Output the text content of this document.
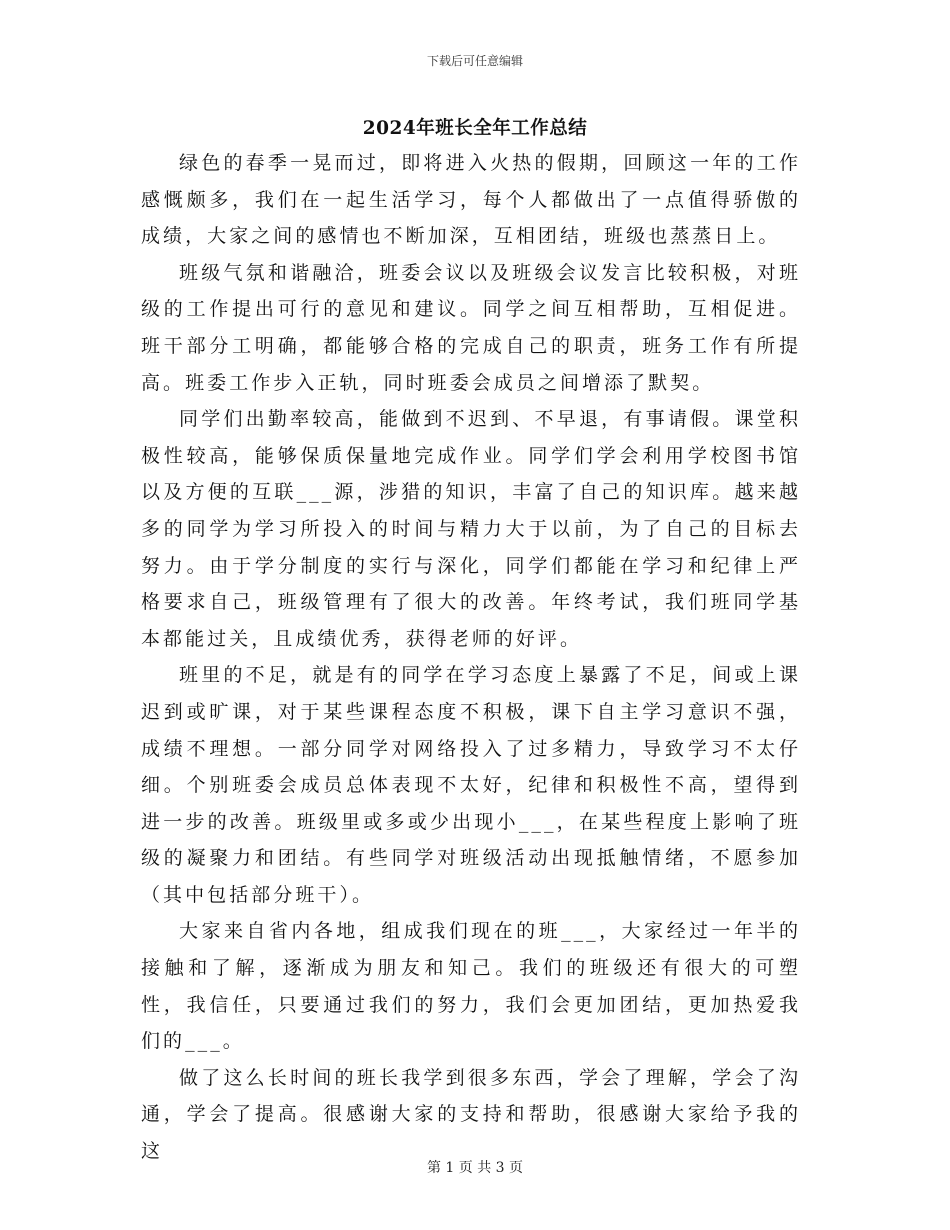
下载后可任意编辑
2024年班长全年工作总结

绿色的春季一晃而过，即将进入火热的假期，回顾这一年的工作感慨颇多，我们在一起生活学习，每个人都做出了一点值得骄傲的成绩，大家之间的感情也不断加深，互相团结，班级也蒸蒸日上。

班级气氛和谐融洽，班委会议以及班级会议发言比较积极，对班级的工作提出可行的意见和建议。同学之间互相帮助，互相促进。班干部分工明确，都能够合格的完成自己的职责，班务工作有所提高。班委工作步入正轨，同时班委会成员之间增添了默契。

同学们出勤率较高，能做到不迟到、不早退，有事请假。课堂积极性较高，能够保质保量地完成作业。同学们学会利用学校图书馆以及方便的互联___源，涉猎的知识，丰富了自己的知识库。越来越多的同学为学习所投入的时间与精力大于以前，为了自己的目标去努力。由于学分制度的实行与深化，同学们都能在学习和纪律上严格要求自己，班级管理有了很大的改善。年终考试，我们班同学基本都能过关，且成绩优秀，获得老师的好评。

班里的不足，就是有的同学在学习态度上暴露了不足，间或上课迟到或旷课，对于某些课程态度不积极，课下自主学习意识不强，成绩不理想。一部分同学对网络投入了过多精力，导致学习不太仔细。个别班委会成员总体表现不太好，纪律和积极性不高，望得到进一步的改善。班级里或多或少出现小___，在某些程度上影响了班级的凝聚力和团结。有些同学对班级活动出现抵触情绪，不愿参加（其中包括部分班干）。

大家来自省内各地，组成我们现在的班___，大家经过一年半的接触和了解，逐渐成为朋友和知己。我们的班级还有很大的可塑性，我信任，只要通过我们的努力，我们会更加团结，更加热爱我们的___。

做了这么长时间的班长我学到很多东西，学会了理解，学会了沟通，学会了提高。很感谢大家的支持和帮助，很感谢大家给予我的这

第 1 页 共 3 页
